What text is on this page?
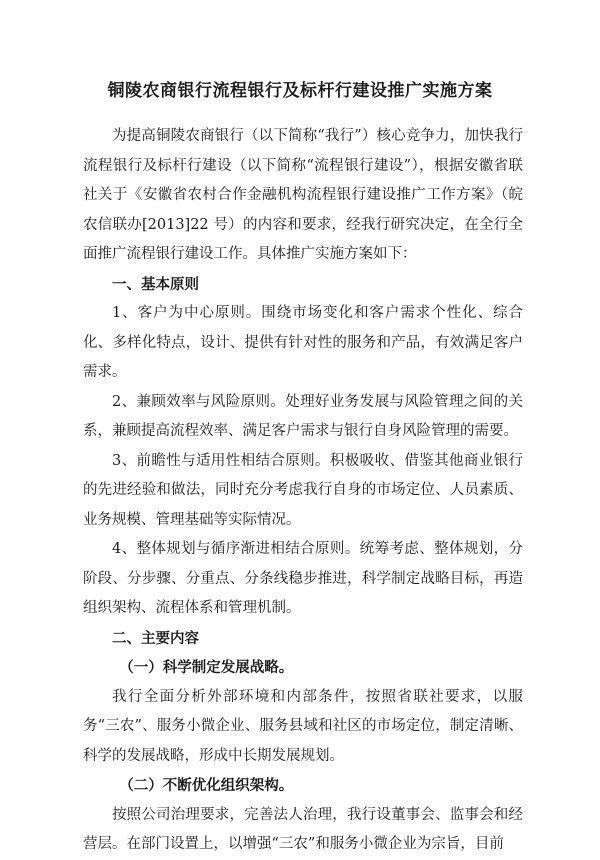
铜陵农商银行流程银行及标杆行建设推广实施方案

为提高铜陵农商银行（以下简称“我行”）核心竞争力，加快我行流程银行及标杆行建设（以下简称“流程银行建设”），根据安徽省联社关于《安徽省农村合作金融机构流程银行建设推广工作方案》（皖农信联办[2013]22 号）的内容和要求，经我行研究决定，在全行全面推广流程银行建设工作。具体推广实施方案如下：

一、基本原则

1、客户为中心原则。围绕市场变化和客户需求个性化、综合化、多样化特点，设计、提供有针对性的服务和产品，有效满足客户需求。

2、兼顾效率与风险原则。处理好业务发展与风险管理之间的关系，兼顾提高流程效率、满足客户需求与银行自身风险管理的需要。

3、前瞻性与适用性相结合原则。积极吸收、借鉴其他商业银行的先进经验和做法，同时充分考虑我行自身的市场定位、人员素质、业务规模、管理基础等实际情况。

4、整体规划与循序渐进相结合原则。统筹考虑、整体规划，分阶段、分步骤、分重点、分条线稳步推进，科学制定战略目标，再造组织架构、流程体系和管理机制。

二、主要内容

（一）科学制定发展战略。

我行全面分析外部环境和内部条件，按照省联社要求，以服务“三农”、服务小微企业、服务县域和社区的市场定位，制定清晰、科学的发展战略，形成中长期发展规划。

（二）不断优化组织架构。

按照公司治理要求，完善法人治理，我行设董事会、监事会和经营层。在部门设置上，以增强“三农”和服务小微企业为宗旨，目前
